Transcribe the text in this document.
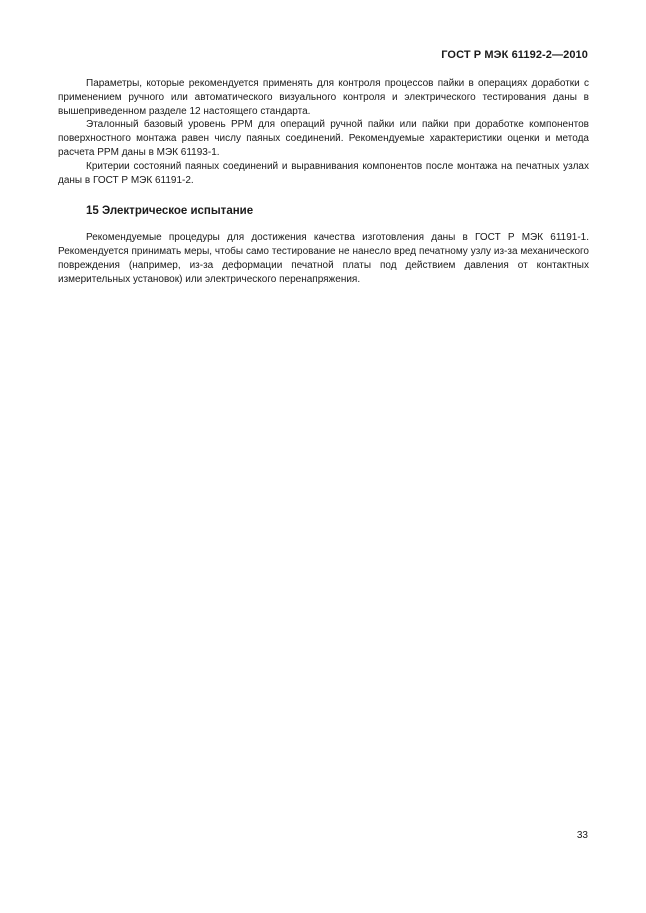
ГОСТ Р МЭК 61192-2—2010

Параметры, которые рекомендуется применять для контроля процессов пайки в операциях доработки с применением ручного или автоматического визуального контроля и электрического тестирования даны в вышеприведенном разделе 12 настоящего стандарта.

Эталонный базовый уровень PPM для операций ручной пайки или пайки при доработке компонентов поверхностного монтажа равен числу паяных соединений. Рекомендуемые характеристики оценки и метода расчета PPM даны в МЭК 61193-1.

Критерии состояний паяных соединений и выравнивания компонентов после монтажа на печатных узлах даны в ГОСТ Р МЭК 61191-2.

15 Электрическое испытание

Рекомендуемые процедуры для достижения качества изготовления даны в ГОСТ Р МЭК 61191-1. Рекомендуется принимать меры, чтобы само тестирование не нанесло вред печатному узлу из-за механического повреждения (например, из-за деформации печатной платы под действием давления от контактных измерительных установок) или электрического перенапряжения.

33
